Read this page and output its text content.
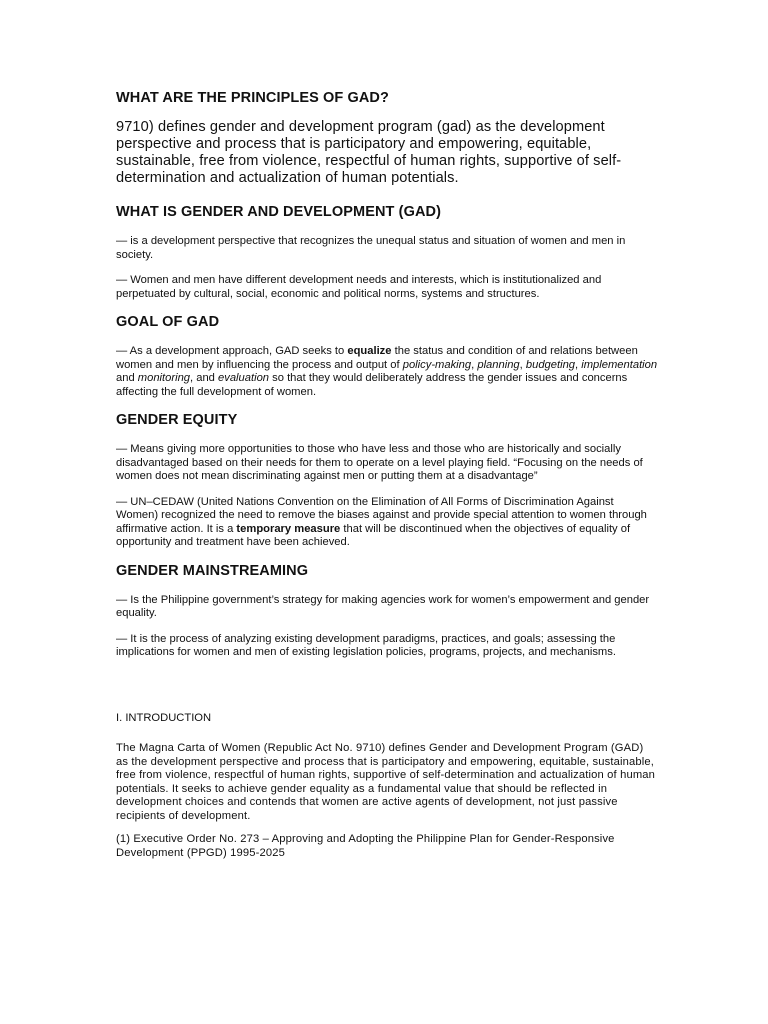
WHAT ARE THE PRINCIPLES OF GAD?

9710) defines gender and development program (gad) as the development perspective and process that is participatory and empowering, equitable, sustainable, free from violence, respectful of human rights, supportive of self-determination and actualization of human potentials.

WHAT IS GENDER AND DEVELOPMENT (GAD)

— is a development perspective that recognizes the unequal status and situation of women and men in society.

— Women and men have different development needs and interests, which is institutionalized and perpetuated by cultural, social, economic and political norms, systems and structures.

GOAL OF GAD

— As a development approach, GAD seeks to equalize the status and condition of and relations between women and men by influencing the process and output of policy-making, planning, budgeting, implementation and monitoring, and evaluation so that they would deliberately address the gender issues and concerns affecting the full development of women.

GENDER EQUITY

— Means giving more opportunities to those who have less and those who are historically and socially disadvantaged based on their needs for them to operate on a level playing field. “Focusing on the needs of women does not mean discriminating against men or putting them at a disadvantage”

— UN–CEDAW (United Nations Convention on the Elimination of All Forms of Discrimination Against Women) recognized the need to remove the biases against and provide special attention to women through affirmative action. It is a temporary measure that will be discontinued when the objectives of equality of opportunity and treatment have been achieved.

GENDER MAINSTREAMING

— Is the Philippine government’s strategy for making agencies work for women’s empowerment and gender equality.

— It is the process of analyzing existing development paradigms, practices, and goals; assessing the implications for women and men of existing legislation policies, programs, projects, and mechanisms.

I. INTRODUCTION

The Magna Carta of Women (Republic Act No. 9710) defines Gender and Development Program (GAD) as the development perspective and process that is participatory and empowering, equitable, sustainable, free from violence, respectful of human rights, supportive of self-determination and actualization of human potentials. It seeks to achieve gender equality as a fundamental value that should be reflected in development choices and contends that women are active agents of development, not just passive recipients of development.

(1) Executive Order No. 273 – Approving and Adopting the Philippine Plan for Gender-Responsive Development (PPGD) 1995-2025
